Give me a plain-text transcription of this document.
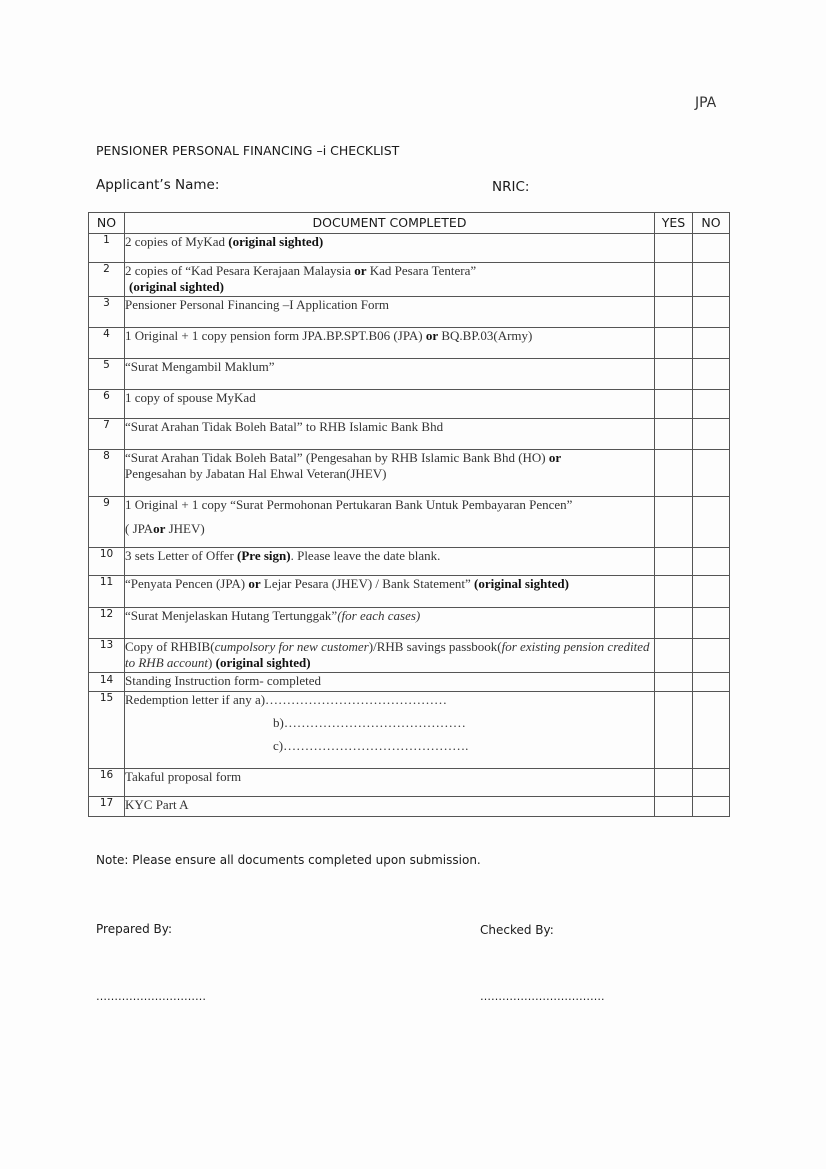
JPA
PENSIONER PERSONAL FINANCING –i CHECKLIST
Applicant’s Name:	NRIC:
NO	DOCUMENT COMPLETED	YES	NO
1	2 copies of MyKad (original sighted)		
2	2 copies of “Kad Pesara Kerajaan Malaysia or Kad Pesara Tentera”
(original sighted)		

3	Pensioner Personal Financing –I Application Form		
4	1 Original + 1 copy pension form JPA.BP.SPT.B06 (JPA) or BQ.BP.03(Army)		
5	“Surat Mengambil Maklum”		
6	1 copy of spouse MyKad		
7	“Surat Arahan Tidak Boleh Batal” to RHB Islamic Bank Bhd		
8	“Surat Arahan Tidak Boleh Batal” (Pengesahan by RHB Islamic Bank Bhd (HO) or
Pengesahan by Jabatan Hal Ehwal Veteran(JHEV)		
9	1 Original + 1 copy “Surat Permohonan Pertukaran Bank Untuk Pembayaran Pencen”
( JPAor JHEV)		
10	3 sets Letter of Offer (Pre sign). Please leave the date blank.		
11	“Penyata Pencen (JPA) or Lejar Pesara (JHEV) / Bank Statement” (original sighted)		
12	“Surat Menjelaskan Hutang Tertunggak”(for each cases)		
13	Copy of RHBIB(cumpolsory for new customer)/RHB savings passbook(for existing pension credited to RHB account) (original sighted)		
14	Standing Instruction form- completed		
15	Redemption letter if any a)……………………………………
b)……………………………………
c)…………………………………….		

16	Takaful proposal form		
17	KYC Part A		
Note: Please ensure all documents completed upon submission.
Prepared By:	Checked By:
…………………………	…………………………….
